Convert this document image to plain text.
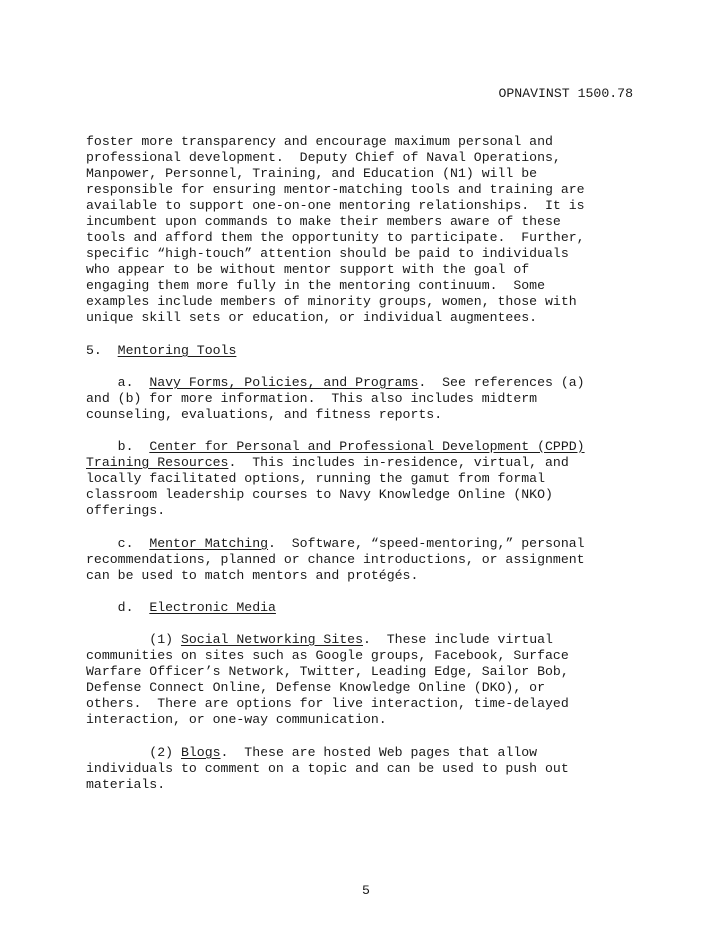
OPNAVINST 1500.78
foster more transparency and encourage maximum personal and
professional development.  Deputy Chief of Naval Operations,
Manpower, Personnel, Training, and Education (N1) will be
responsible for ensuring mentor-matching tools and training are
available to support one-on-one mentoring relationships.  It is
incumbent upon commands to make their members aware of these
tools and afford them the opportunity to participate.  Further,
specific “high-touch” attention should be paid to individuals
who appear to be without mentor support with the goal of
engaging them more fully in the mentoring continuum.  Some
examples include members of minority groups, women, those with
unique skill sets or education, or individual augmentees.
5.  Mentoring Tools
a.  Navy Forms, Policies, and Programs.  See references (a)
and (b) for more information.  This also includes midterm
counseling, evaluations, and fitness reports.
b.  Center for Personal and Professional Development (CPPD)
Training Resources.  This includes in-residence, virtual, and
locally facilitated options, running the gamut from formal
classroom leadership courses to Navy Knowledge Online (NKO)
offerings.
c.  Mentor Matching.  Software, “speed-mentoring,” personal
recommendations, planned or chance introductions, or assignment
can be used to match mentors and protégés.
d.  Electronic Media
(1) Social Networking Sites.  These include virtual
communities on sites such as Google groups, Facebook, Surface
Warfare Officer’s Network, Twitter, Leading Edge, Sailor Bob,
Defense Connect Online, Defense Knowledge Online (DKO), or
others.  There are options for live interaction, time-delayed
interaction, or one-way communication.
(2) Blogs.  These are hosted Web pages that allow
individuals to comment on a topic and can be used to push out
materials.
5
